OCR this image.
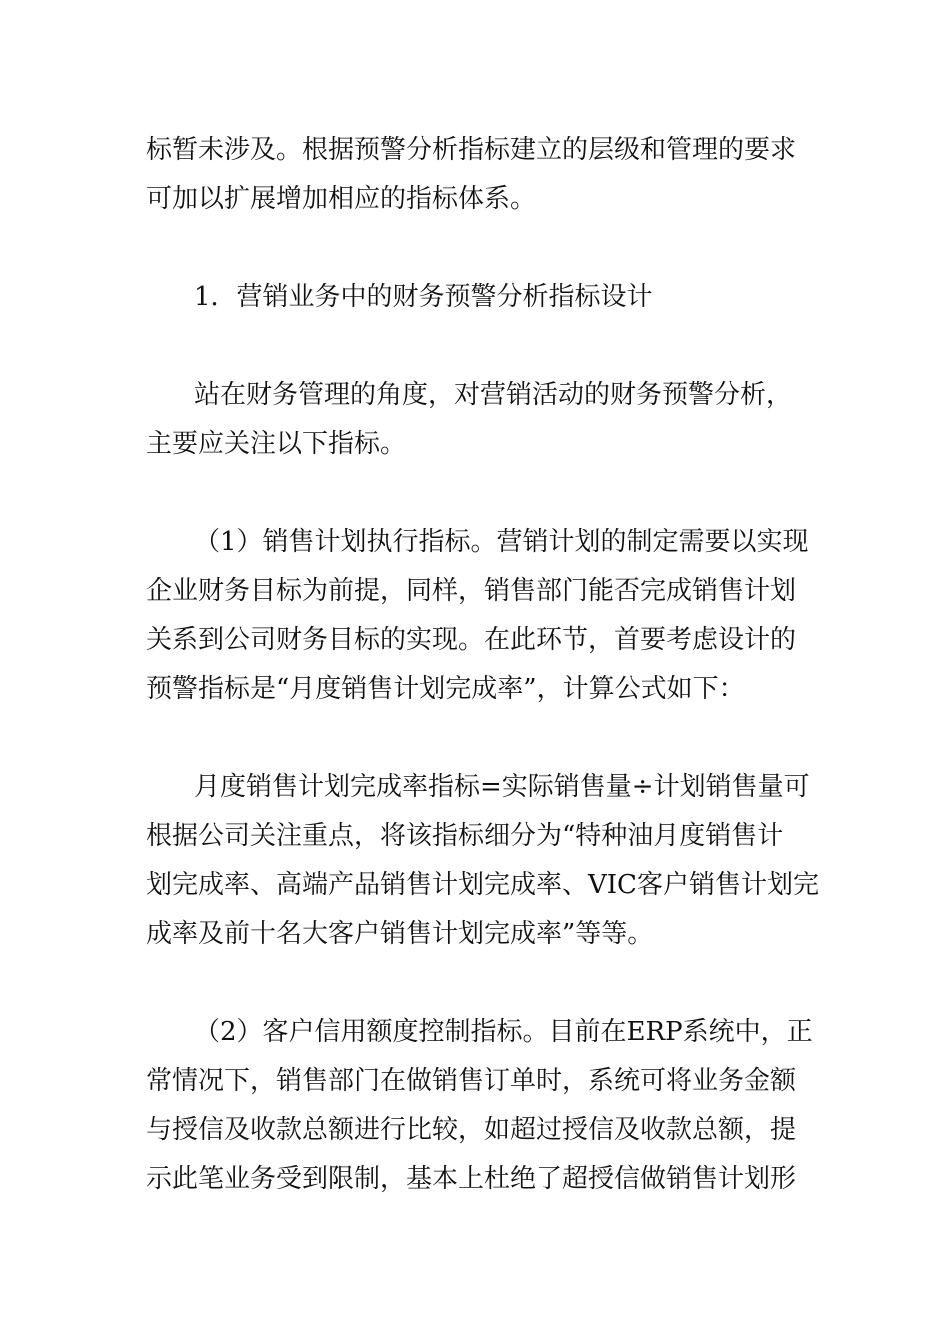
标暂未涉及。根据预警分析指标建立的层级和管理的要求
可加以扩展增加相应的指标体系。

1．营销业务中的财务预警分析指标设计

站在财务管理的角度，对营销活动的财务预警分析，
主要应关注以下指标。

（1）销售计划执行指标。营销计划的制定需要以实现
企业财务目标为前提，同样，销售部门能否完成销售计划
关系到公司财务目标的实现。在此环节，首要考虑设计的
预警指标是“月度销售计划完成率”，计算公式如下：

月度销售计划完成率指标=实际销售量÷计划销售量可
根据公司关注重点，将该指标细分为“特种油月度销售计
划完成率、高端产品销售计划完成率、VIC客户销售计划完
成率及前十名大客户销售计划完成率”等等。

（2）客户信用额度控制指标。目前在ERP系统中，正
常情况下，销售部门在做销售订单时，系统可将业务金额
与授信及收款总额进行比较，如超过授信及收款总额，提
示此笔业务受到限制，基本上杜绝了超授信做销售计划形
